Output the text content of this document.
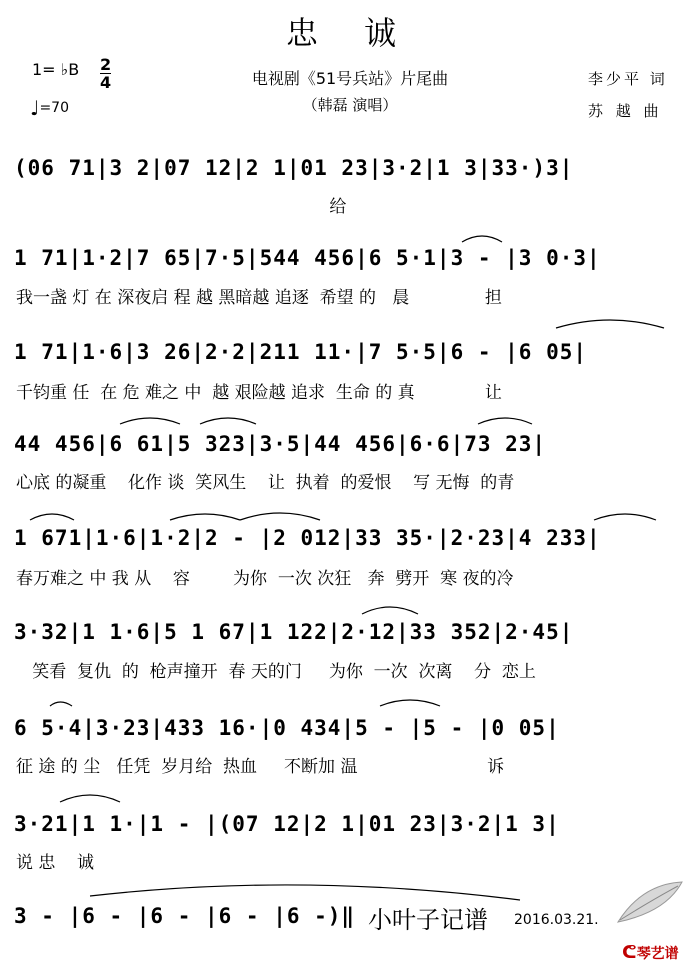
忠 诚
1= ♭B 2
4
♩=70
电视剧《51号兵站》片尾曲
（韩磊 演唱）
李少平 词
苏 越 曲
(06 71|3 2|07 12|2 1|01 23|3·2|1 3|33·)3|
给
1 71|1·2|7 65|7·5|544 456|6 5·1|3 - |3 0·3|
我一盏 灯 在 深夜启 程 越 黑暗越 追逐  希望 的   晨              担
1 71|1·6|3 26|2·2|211 11·|7 5·5|6 - |6 05|
千钧重 任  在 危 难之 中  越 艰险越 追求  生命 的 真             让
44 456|6 61|5 323|3·5|44 456|6·6|73 23|
心底 的凝重    化作 谈  笑风生    让  执着  的爱恨    写 无悔  的青
1 671|1·6|1·2|2 - |2 012|33 35·|2·23|4 233|
春万难之 中 我 从    容        为你  一次 次狂   奔  劈开  寒 夜的冷
3·32|1 1·6|5 1 67|1 122|2·12|33 352|2·45|
笑看  复仇  的  枪声撞开  春 天的门     为你  一次  次离    分  恋上
6 5·4|3·23|433 16·|0 434|5 - |5 - |0 05|
征 途 的 尘   任凭  岁月给  热血     不断加 温                        诉
3·21|1 1·|1 - |(07 12|2 1|01 23|3·2|1 3|
说 忠    诚
3 - |6 - |6 - |6 - |6 -)‖ 小叶子记谱 2016.03.21.
ᕦ琴艺谱
